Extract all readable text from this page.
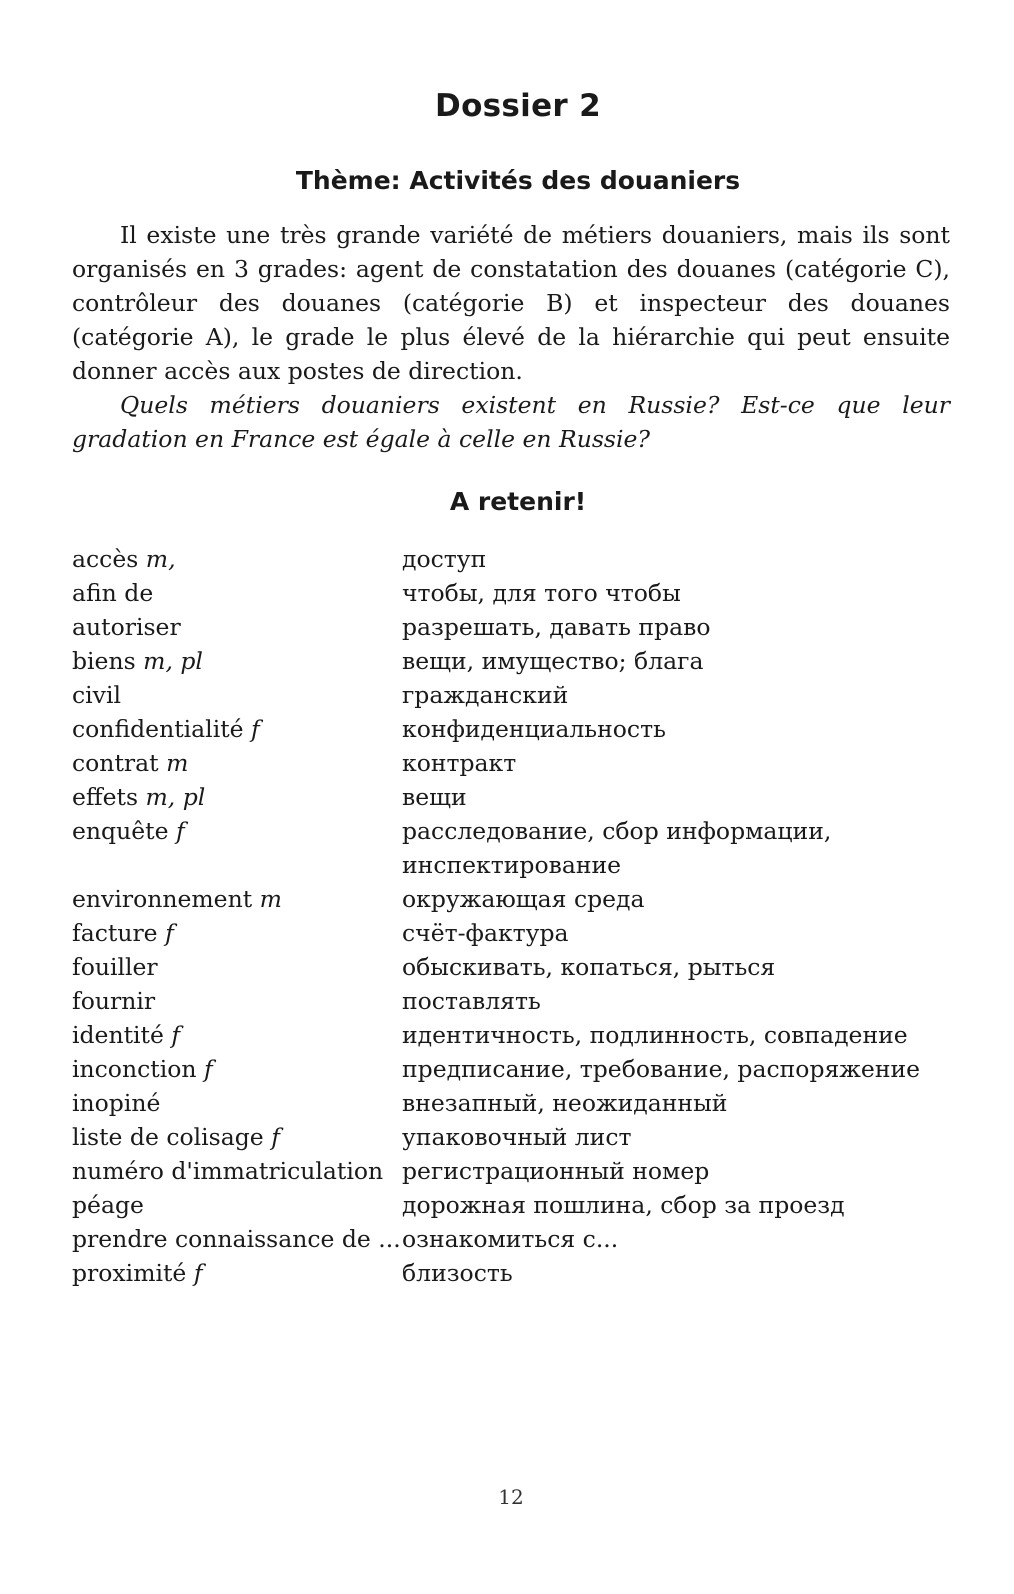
Dossier 2
Thème: Activités des douaniers

Il existe une très grande variété de métiers douaniers, mais ils sont organisés en 3 grades: agent de constatation des douanes (catégorie C), contrôleur des douanes (catégorie B) et inspecteur des douanes (catégorie A), le grade le plus élevé de la hiérarchie qui peut ensuite donner accès aux postes de direction.

Quels métiers douaniers existent en Russie? Est-ce que leur gradation en France est égale à celle en Russie?

A retenir!
accès m,	доступ
afin de	чтобы, для того чтобы
autoriser	разрешать, давать право
biens m, pl	вещи, имущество; блага
civil	гражданский
confidentialité f	конфиденциальность
contrat m	контракт
effets m, pl	вещи
enquête f	расследование, сбор информации, инспектирование
environnement m	окружающая среда
facture f	счёт-фактура
fouiller	обыскивать, копаться, рыться
fournir	поставлять
identité f	идентичность, подлинность, совпадение
inconction f	предписание, требование, распоряжение
inopiné	внезапный, неожиданный
liste de colisage f	упаковочный лист
numéro d'immatriculation регистрационный номер
péage	дорожная пошлина, сбор за проезд
prendre connaissance de ... ознакомиться с...
proximité f	близость
12
